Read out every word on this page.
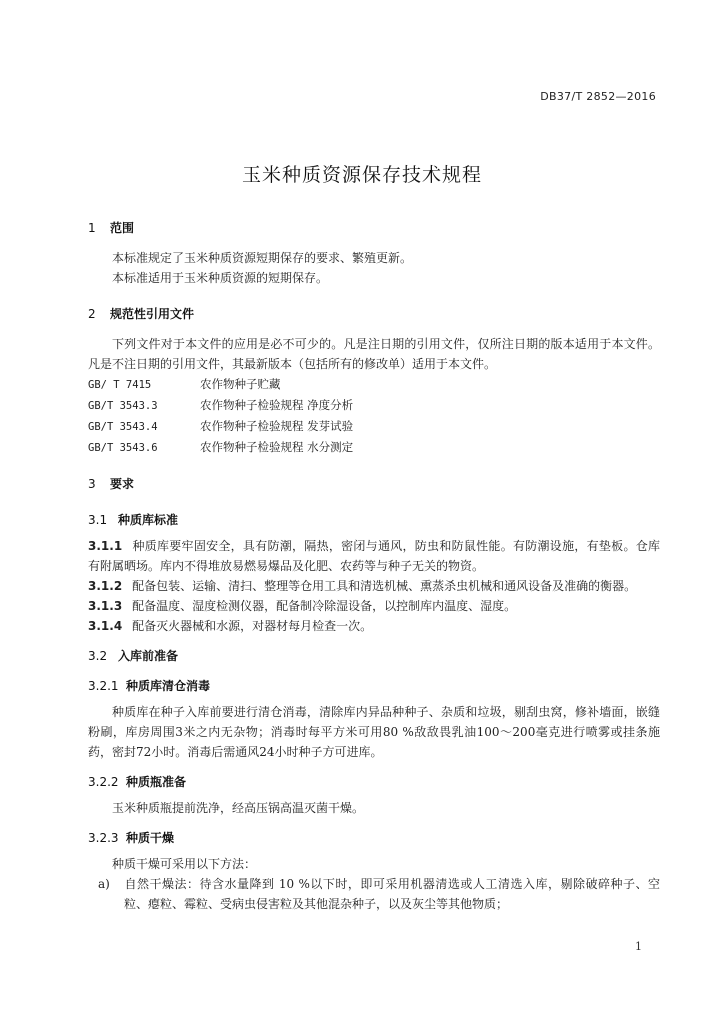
DB37/T 2852—2016
玉米种质资源保存技术规程
1 范围
本标准规定了玉米种质资源短期保存的要求、繁殖更新。
本标准适用于玉米种质资源的短期保存。
2 规范性引用文件
下列文件对于本文件的应用是必不可少的。凡是注日期的引用文件，仅所注日期的版本适用于本文件。凡是不注日期的引用文件，其最新版本（包括所有的修改单）适用于本文件。
GB/ T 7415	农作物种子贮藏
GB/T 3543.3	农作物种子检验规程 净度分析
GB/T 3543.4	农作物种子检验规程 发芽试验
GB/T 3543.6	农作物种子检验规程 水分测定
3 要求
3.1 种质库标准
3.1.1 种质库要牢固安全，具有防潮，隔热，密闭与通风，防虫和防鼠性能。有防潮设施，有垫板。仓库有附属晒场。库内不得堆放易燃易爆品及化肥、农药等与种子无关的物资。
3.1.2 配备包装、运输、清扫、整理等仓用工具和清选机械、熏蒸杀虫机械和通风设备及准确的衡器。
3.1.3 配备温度、湿度检测仪器，配备制冷除湿设备，以控制库内温度、湿度。
3.1.4 配备灭火器械和水源，对器材每月检查一次。
3.2 入库前准备
3.2.1 种质库清仓消毒
种质库在种子入库前要进行清仓消毒，清除库内异品种种子、杂质和垃圾，剔刮虫窝，修补墙面，嵌缝粉刷，库房周围3米之内无杂物；消毒时每平方米可用80 %敌敌畏乳油100～200毫克进行喷雾或挂条施药，密封72小时。消毒后需通风24小时种子方可进库。
3.2.2 种质瓶准备
玉米种质瓶提前洗净，经高压锅高温灭菌干燥。
3.2.3 种质干燥
种质干燥可采用以下方法：
a) 自然干燥法：待含水量降到 10 %以下时，即可采用机器清选或人工清选入库，剔除破碎种子、空粒、瘪粒、霉粒、受病虫侵害粒及其他混杂种子，以及灰尘等其他物质；
1
